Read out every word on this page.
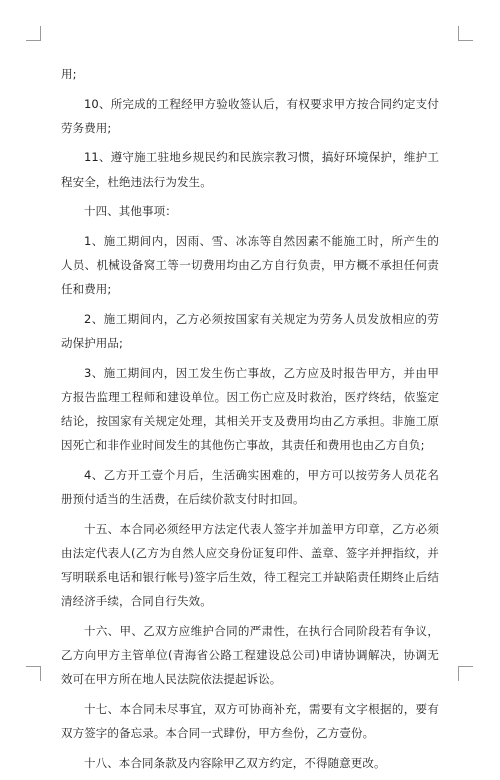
用;

10、所完成的工程经甲方验收签认后，有权要求甲方按合同约定支付劳务费用;

11、遵守施工驻地乡规民约和民族宗教习惯，搞好环境保护，维护工程安全，杜绝违法行为发生。

十四、其他事项：

1、施工期间内，因雨、雪、冰冻等自然因素不能施工时，所产生的人员、机械设备窝工等一切费用均由乙方自行负责，甲方概不承担任何责任和费用;

2、施工期间内，乙方必须按国家有关规定为劳务人员发放相应的劳动保护用品;

3、施工期间内，因工发生伤亡事故，乙方应及时报告甲方，并由甲方报告监理工程师和建设单位。因工伤亡应及时救治，医疗终结，依鉴定结论，按国家有关规定处理，其相关开支及费用均由乙方承担。非施工原因死亡和非作业时间发生的其他伤亡事故，其责任和费用也由乙方自负;

4、乙方开工壹个月后，生活确实困难的，甲方可以按劳务人员花名册预付适当的生活费，在后续价款支付时扣回。

十五、本合同必须经甲方法定代表人签字并加盖甲方印章，乙方必须由法定代表人(乙方为自然人应交身份证复印件、盖章、签字并押指纹，并写明联系电话和银行帐号)签字后生效，待工程完工并缺陷责任期终止后结清经济手续，合同自行失效。

十六、甲、乙双方应维护合同的严肃性，在执行合同阶段若有争议，乙方向甲方主管单位(青海省公路工程建设总公司)申请协调解决，协调无效可在甲方所在地人民法院依法提起诉讼。

十七、本合同未尽事宜，双方可协商补充，需要有文字根据的，要有双方签字的备忘录。本合同一式肆份，甲方叁份，乙方壹份。

十八、本合同条款及内容除甲乙双方约定，不得随意更改。
